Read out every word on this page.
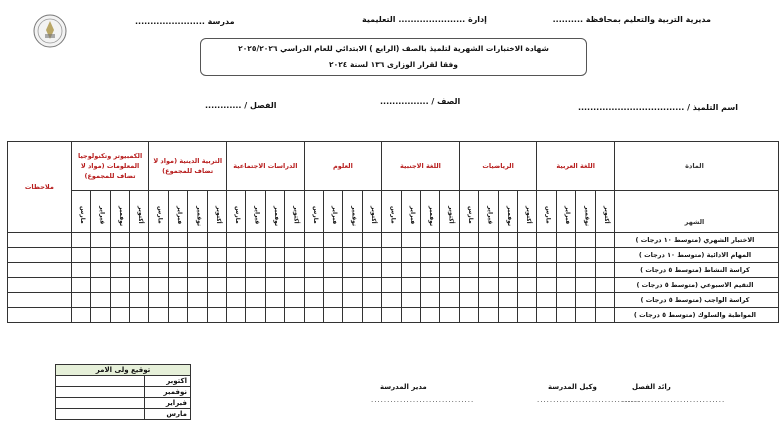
مديرية التربية والتعليم بمحافظة ..........
إدارة ...................... التعليمية
مدرسة .......................
شهادة الاختبارات الشهرية لتلميذ بالصف (الرابع ) الابتدائي للعام الدراسي ٢٠٢٥/٢٠٢٦
وفقا لقرار الوزارى ١٣٦ لسنة ٢٠٢٤
اسم التلميذ / ...................................
الصف / ................
الفصل / ............
ملاحظات	الكمبيوتر وتكنولوجيا المعلومات (مواد لا تضاف للمجموع)				التربية الدينية (مواد لا تضاف للمجموع)				الدراسات الاجتماعية				العلوم				اللغة الاجنبية				الرياضيات				اللغة العربية				المادة

	مارس	فبراير	نوفمبر	أكتوبر	مارس	فبراير	نوفمبر	أكتوبر	مارس	فبراير	نوفمبر	أكتوبر	مارس	فبراير	نوفمبر	أكتوبر	مارس	فبراير	نوفمبر	أكتوبر	مارس	فبراير	نوفمبر	أكتوبر	مارس	فبراير	نوفمبر	أكتوبر	الشهر
																													الاختبار الشهري (متوسط ١٠ درجات )
																													المهام الادائية (متوسط ١٠ درجات )
																													كراسة النشاط (متوسط ٥ درجات )
																													التقيم الاسبوعي (متوسط ٥ درجات )
																													كراسة الواجب (متوسط ٥ درجات )
																													المواظبة والسلوك (متوسط ٥ درجات )
توقيع ولى الامر	
	اكتوبر
	نوفمبر
	فبراير
	مارس
رائد الفصل
................................
وكيل المدرسة
................................
مدير المدرسة
................................
